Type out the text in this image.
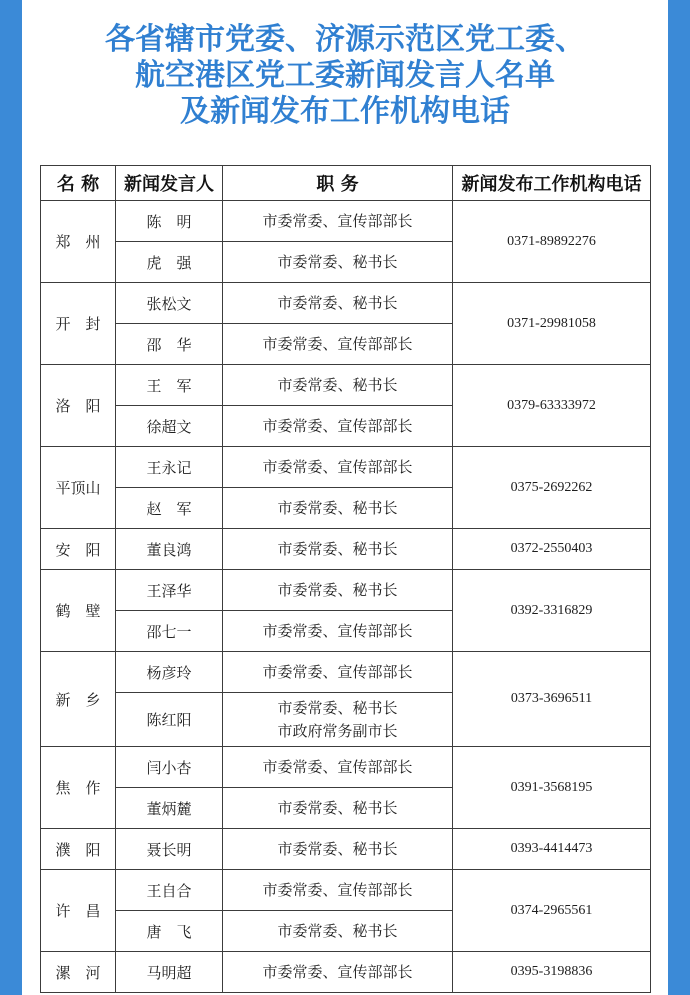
各省辖市党委、济源示范区党工委、
航空港区党工委新闻发言人名单
及新闻发布工作机构电话
名 称	新闻发言人	职 务	新闻发布工作机构电话
郑　州	陈　明	市委常委、宣传部部长	0371-89892276
	虎　强	市委常委、秘书长	

开　封	张松文	市委常委、秘书长	0371-29981058
	邵　华	市委常委、宣传部部长	

洛　阳	王　军	市委常委、秘书长	0379-63333972
	徐超文	市委常委、宣传部部长	

平顶山	王永记	市委常委、宣传部部长	0375-2692262
	赵　军	市委常委、秘书长	

安　阳	董良鸿	市委常委、秘书长	0372-2550403
鹤　壁	王泽华	市委常委、秘书长	0392-3316829
	邵七一	市委常委、宣传部部长	

新　乡	杨彦玲	市委常委、宣传部部长	0373-3696511
	陈红阳	市委常委、秘书长
市政府常务副市长	

焦　作	闫小杏	市委常委、宣传部部长	0391-3568195
	董炳麓	市委常委、秘书长	

濮　阳	聂长明	市委常委、秘书长	0393-4414473
许　昌	王自合	市委常委、宣传部部长	0374-2965561
	唐　飞	市委常委、秘书长	

漯　河	马明超	市委常委、宣传部部长	0395-3198836
